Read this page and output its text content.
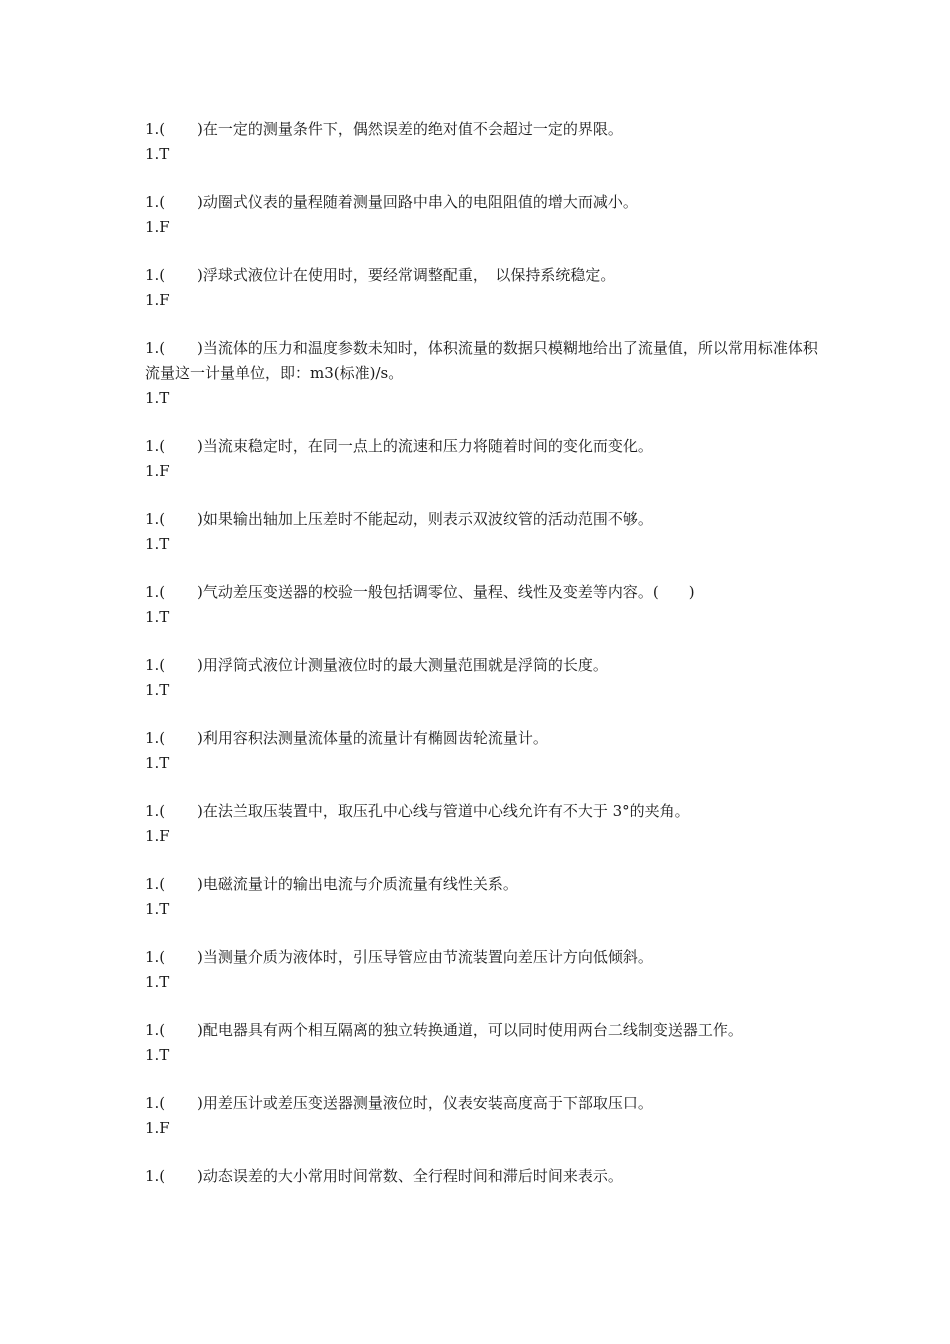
1.( )在一定的测量条件下，偶然误差的绝对值不会超过一定的界限。
1.T
1.( )动圈式仪表的量程随着测量回路中串入的电阻阻值的增大而减小。
1.F
1.( )浮球式液位计在使用时，要经常调整配重，　以保持系统稳定。
1.F
1.( )当流体的压力和温度参数未知时，体积流量的数据只模糊地给出了流量值，所以常用标准体积流量这一计量单位，即：m3(标准)/s。
1.T
1.( )当流束稳定时，在同一点上的流速和压力将随着时间的变化而变化。
1.F
1.( )如果输出轴加上压差时不能起动，则表示双波纹管的活动范围不够。
1.T
1.( )气动差压变送器的校验一般包括调零位、量程、线性及变差等内容。(　　)
1.T
1.( )用浮筒式液位计测量液位时的最大测量范围就是浮筒的长度。
1.T
1.( )利用容积法测量流体量的流量计有椭圆齿轮流量计。
1.T
1.( )在法兰取压装置中，取压孔中心线与管道中心线允许有不大于 3°的夹角。
1.F
1.( )电磁流量计的输出电流与介质流量有线性关系。
1.T
1.( )当测量介质为液体时，引压导管应由节流装置向差压计方向低倾斜。
1.T
1.( )配电器具有两个相互隔离的独立转换通道，可以同时使用两台二线制变送器工作。
1.T
1.( )用差压计或差压变送器测量液位时，仪表安装高度高于下部取压口。
1.F
1.( )动态误差的大小常用时间常数、全行程时间和滞后时间来表示。
